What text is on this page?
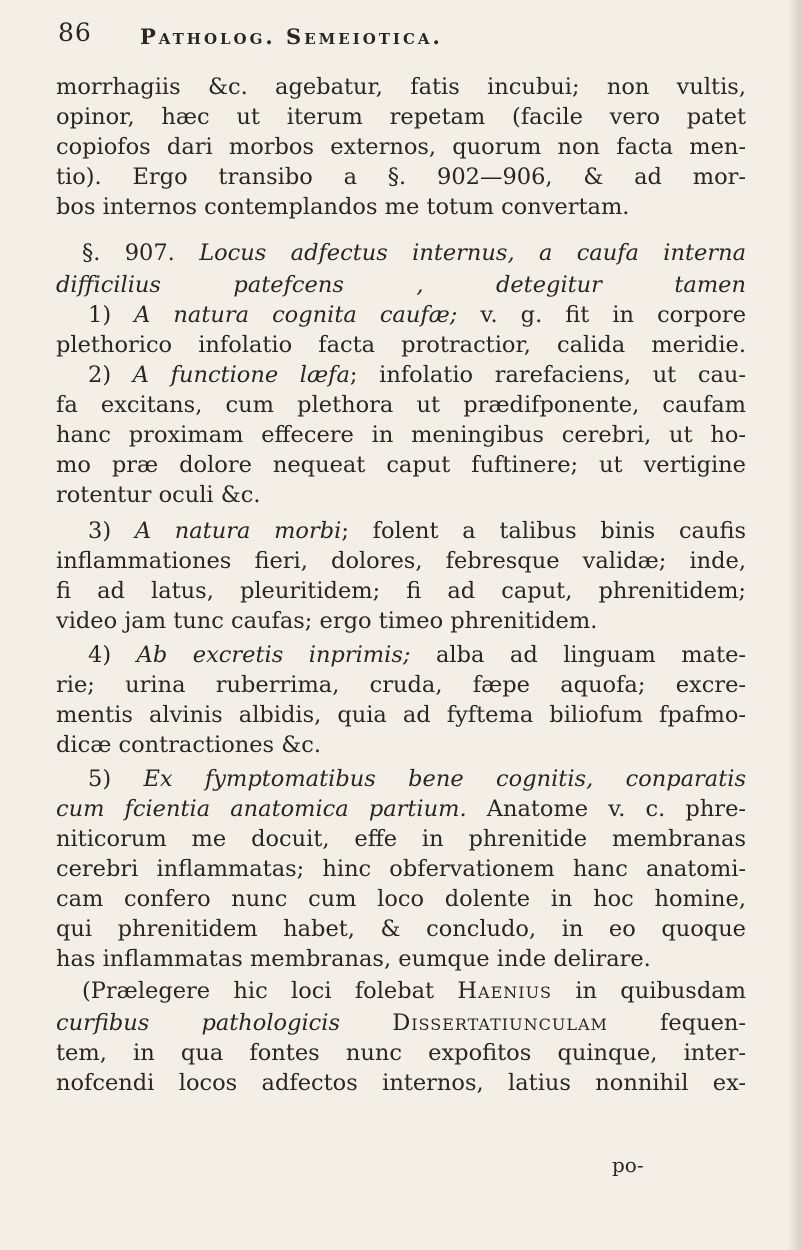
86 Patholog. Semeiotica.
morrhagiis &c. agebatur, fatis incubui; non vultis,
opinor, hæc ut iterum repetam (facile vero patet
copiofos dari morbos externos, quorum non facta men-
tio). Ergo transibo a §. 902—906, & ad mor-
bos internos contemplandos me totum convertam.
§. 907. Locus adfectus internus, a caufa interna
difficilius patefcens , detegitur tamen
1) A natura cognita caufæ; v. g. fit in corpore
plethorico infolatio facta protractior, calida meridie.
2) A functione læfa; infolatio rarefaciens, ut cau-
fa excitans, cum plethora ut prædifponente, caufam
hanc proximam effecere in meningibus cerebri, ut ho-
mo præ dolore nequeat caput fuftinere; ut vertigine
rotentur oculi &c.
3) A natura morbi; folent a talibus binis caufis
inflammationes fieri, dolores, febresque validæ; inde,
fi ad latus, pleuritidem; fi ad caput, phrenitidem;
video jam tunc caufas; ergo timeo phrenitidem.
4) Ab excretis inprimis; alba ad linguam mate-
rie; urina ruberrima, cruda, fæpe aquofa; excre-
mentis alvinis albidis, quia ad fyftema biliofum fpafmo-
dicæ contractiones &c.
5) Ex fymptomatibus bene cognitis, conparatis
cum fcientia anatomica partium. Anatome v. c. phre-
niticorum me docuit, effe in phrenitide membranas
cerebri inflammatas; hinc obfervationem hanc anatomi-
cam confero nunc cum loco dolente in hoc homine,
qui phrenitidem habet, & concludo, in eo quoque
has inflammatas membranas, eumque inde delirare.
(Prælegere hic loci folebat Haenius in quibusdam
curfibus pathologicis Dissertatiunculam fequen-
tem, in qua fontes nunc expofitos quinque, inter-
nofcendi locos adfectos internos, latius nonnihil ex-
po-
